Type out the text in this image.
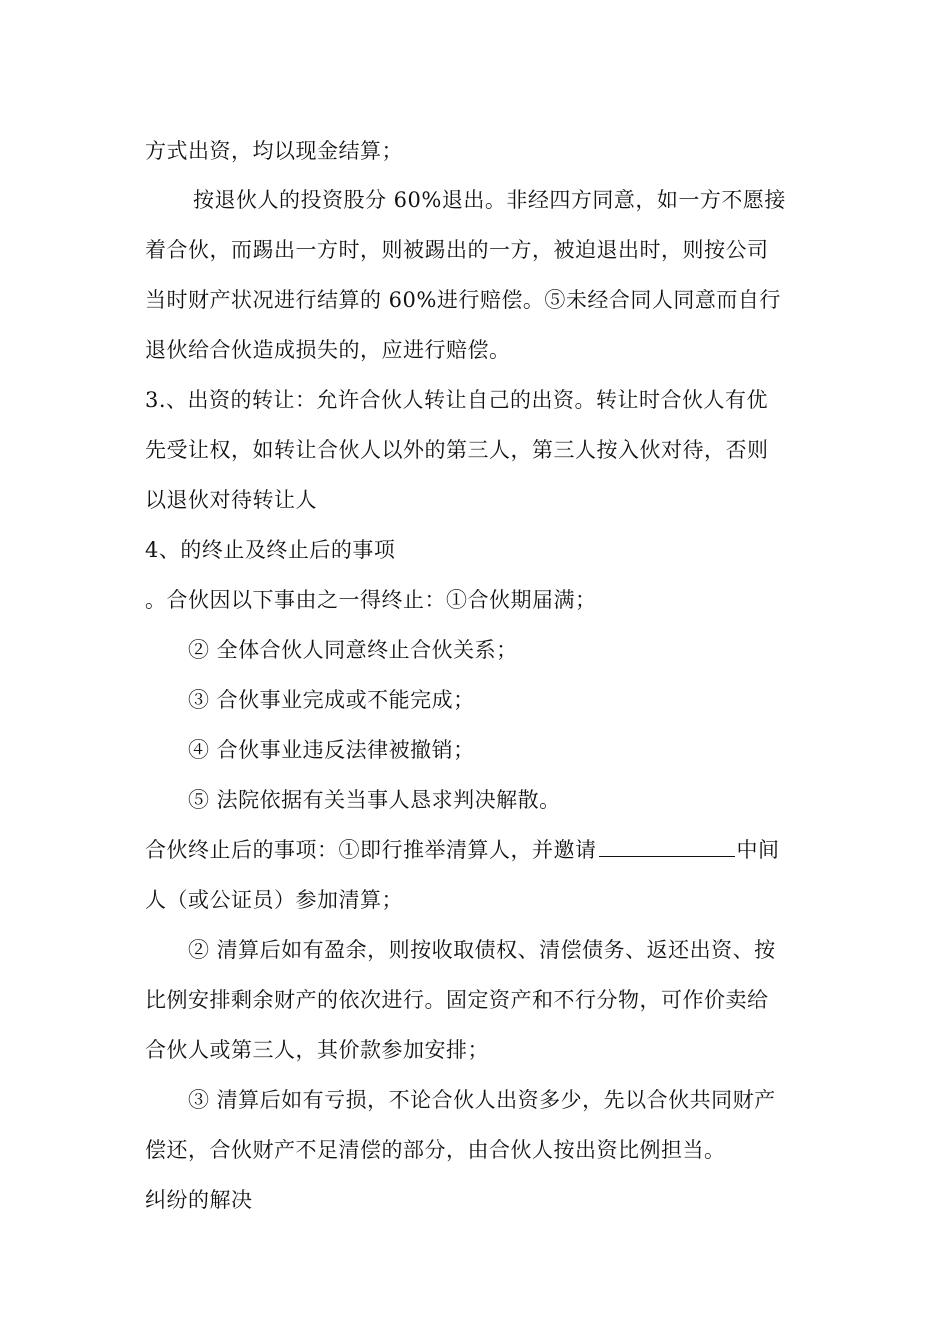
方式出资，均以现金结算；
按退伙人的投资股分 60%退出。非经四方同意，如一方不愿接
着合伙，而踢出一方时，则被踢出的一方，被迫退出时，则按公司
当时财产状况进行结算的 60%进行赔偿。⑤未经合同人同意而自行
退伙给合伙造成损失的，应进行赔偿。
3.、出资的转让：允许合伙人转让自己的出资。转让时合伙人有优
先受让权，如转让合伙人以外的第三人，第三人按入伙对待，否则
以退伙对待转让人
4、的终止及终止后的事项
。合伙因以下事由之一得终止：①合伙期届满；
② 全体合伙人同意终止合伙关系；
③ 合伙事业完成或不能完成；
④ 合伙事业违反法律被撤销；
⑤ 法院依据有关当事人恳求判决解散。
合伙终止后的事项：①即行推举清算人，并邀请	中间
人（或公证员）参加清算；
② 清算后如有盈余，则按收取债权、清偿债务、返还出资、按
比例安排剩余财产的依次进行。固定资产和不行分物，可作价卖给
合伙人或第三人，其价款参加安排；
③ 清算后如有亏损，不论合伙人出资多少，先以合伙共同财产
偿还，合伙财产不足清偿的部分，由合伙人按出资比例担当。
纠纷的解决
